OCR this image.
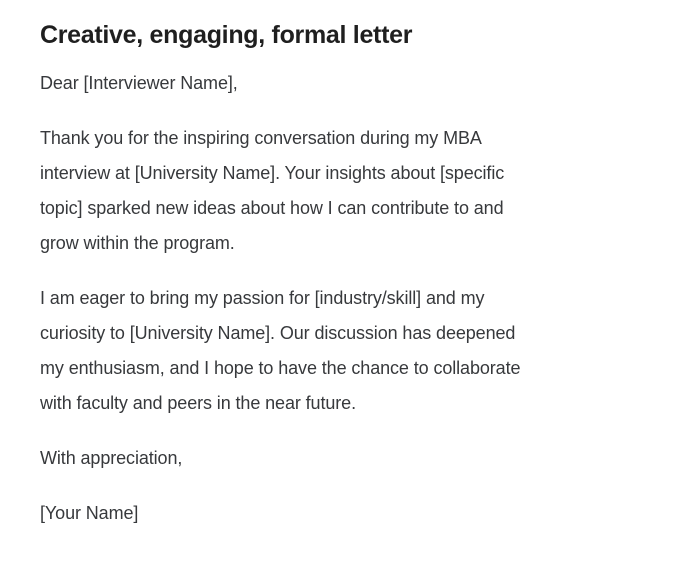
Creative, engaging, formal letter

Dear [Interviewer Name],

Thank you for the inspiring conversation during my MBA
interview at [University Name]. Your insights about [specific
topic] sparked new ideas about how I can contribute to and
grow within the program.

I am eager to bring my passion for [industry/skill] and my
curiosity to [University Name]. Our discussion has deepened
my enthusiasm, and I hope to have the chance to collaborate
with faculty and peers in the near future.

With appreciation,

[Your Name]
